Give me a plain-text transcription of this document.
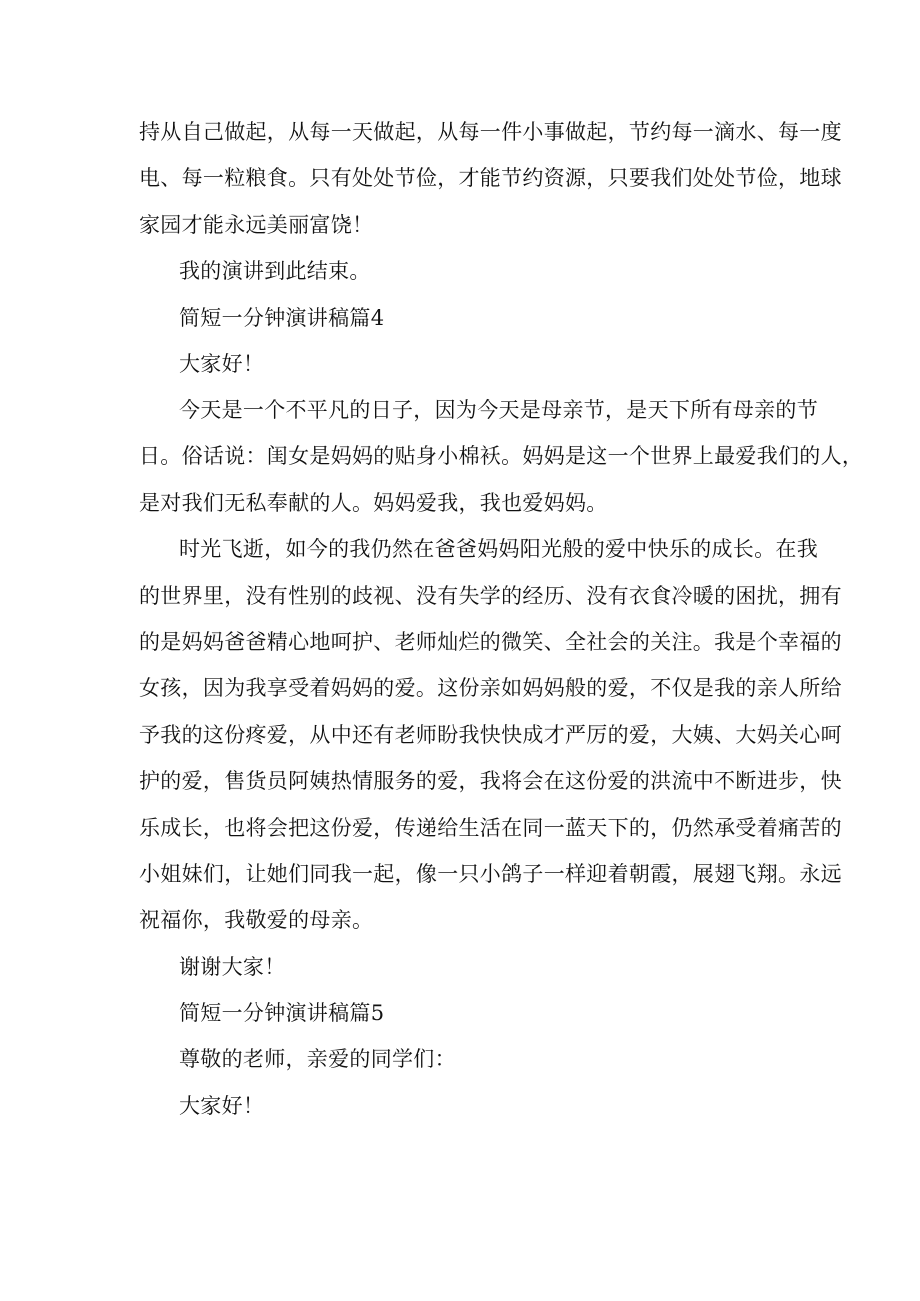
持从自己做起，从每一天做起，从每一件小事做起，节约每一滴水、每一度
电、每一粒粮食。只有处处节俭，才能节约资源，只要我们处处节俭，地球
家园才能永远美丽富饶！
我的演讲到此结束。
简短一分钟演讲稿篇4
大家好！
今天是一个不平凡的日子，因为今天是母亲节，是天下所有母亲的节
日。俗话说：闺女是妈妈的贴身小棉袄。妈妈是这一个世界上最爱我们的人，
是对我们无私奉献的人。妈妈爱我，我也爱妈妈。
时光飞逝，如今的我仍然在爸爸妈妈阳光般的爱中快乐的成长。在我
的世界里，没有性别的歧视、没有失学的经历、没有衣食冷暖的困扰，拥有
的是妈妈爸爸精心地呵护、老师灿烂的微笑、全社会的关注。我是个幸福的
女孩，因为我享受着妈妈的爱。这份亲如妈妈般的爱，不仅是我的亲人所给
予我的这份疼爱，从中还有老师盼我快快成才严厉的爱，大姨、大妈关心呵
护的爱，售货员阿姨热情服务的爱，我将会在这份爱的洪流中不断进步，快
乐成长，也将会把这份爱，传递给生活在同一蓝天下的，仍然承受着痛苦的
小姐妹们，让她们同我一起，像一只小鸽子一样迎着朝霞，展翅飞翔。永远
祝福你，我敬爱的母亲。
谢谢大家！
简短一分钟演讲稿篇5
尊敬的老师，亲爱的同学们：
大家好！
